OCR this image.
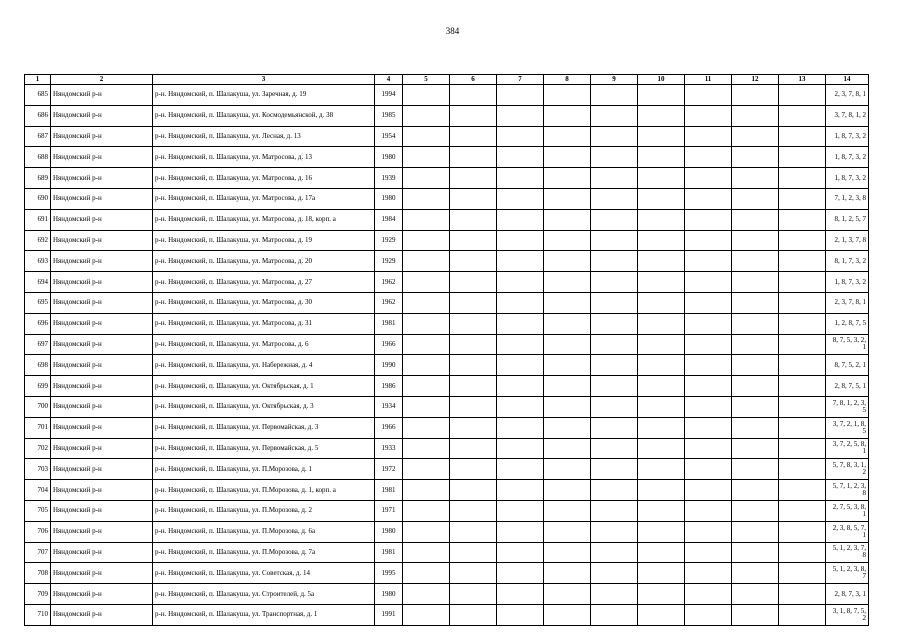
384
1	2	3	4	5	6	7	8	9	10	11	12	13	14
685	Няндомский р-н	р-н. Няндомский, п. Шалакуша, ул. Заречная, д. 19	1994										2, 3, 7, 8, 1
686	Няндомский р-н	р-н. Няндомский, п. Шалакуша, ул. Космодемьянской, д. 38	1985										3, 7, 8, 1, 2
687	Няндомский р-н	р-н. Няндомский, п. Шалакуша, ул. Лесная, д. 13	1954										1, 8, 7, 3, 2
688	Няндомский р-н	р-н. Няндомский, п. Шалакуша, ул. Матросова, д. 13	1980										1, 8, 7, 3, 2
689	Няндомский р-н	р-н. Няндомский, п. Шалакуша, ул. Матросова, д. 16	1939										1, 8, 7, 3, 2
690	Няндомский р-н	р-н. Няндомский, п. Шалакуша, ул. Матросова, д. 17а	1980										7, 1, 2, 3, 8
691	Няндомский р-н	р-н. Няндомский, п. Шалакуша, ул. Матросова, д. 18, корп. а	1984										8, 1, 2, 5, 7
692	Няндомский р-н	р-н. Няндомский, п. Шалакуша, ул. Матросова, д. 19	1929										2, 1, 3, 7, 8
693	Няндомский р-н	р-н. Няндомский, п. Шалакуша, ул. Матросова, д. 20	1929										8, 1, 7, 3, 2
694	Няндомский р-н	р-н. Няндомский, п. Шалакуша, ул. Матросова, д. 27	1962										1, 8, 7, 3, 2
695	Няндомский р-н	р-н. Няндомский, п. Шалакуша, ул. Матросова, д. 30	1962										2, 3, 7, 8, 1
696	Няндомский р-н	р-н. Няндомский, п. Шалакуша, ул. Матросова, д. 31	1981										1, 2, 8, 7, 5
697	Няндомский р-н	р-н. Няндомский, п. Шалакуша, ул. Матросова, д. 6	1966										8, 7, 5, 3, 2, 1
698	Няндомский р-н	р-н. Няндомский, п. Шалакуша, ул. Набережная, д. 4	1990										8, 7, 5, 2, 1
699	Няндомский р-н	р-н. Няндомский, п. Шалакуша, ул. Октябрьская, д. 1	1986										2, 8, 7, 5, 1
700	Няндомский р-н	р-н. Няндомский, п. Шалакуша, ул. Октябрьская, д. 3	1934										7, 8, 1, 2, 3, 5
701	Няндомский р-н	р-н. Няндомский, п. Шалакуша, ул. Первомайская, д. 3	1966										3, 7, 2, 1, 8, 5
702	Няндомский р-н	р-н. Няндомский, п. Шалакуша, ул. Первомайская, д. 5	1933										3, 7, 2, 5, 8, 1
703	Няндомский р-н	р-н. Няндомский, п. Шалакуша, ул. П.Морозова, д. 1	1972										5, 7, 8, 3, 1, 2
704	Няндомский р-н	р-н. Няндомский, п. Шалакуша, ул. П.Морозова, д. 1, корп. а	1981										5, 7, 1, 2, 3, 8
705	Няндомский р-н	р-н. Няндомский, п. Шалакуша, ул. П.Морозова, д. 2	1971										2, 7, 5, 3, 8, 1
706	Няндомский р-н	р-н. Няндомский, п. Шалакуша, ул. П.Морозова, д. 6а	1980										2, 3, 8, 5, 7, 1
707	Няндомский р-н	р-н. Няндомский, п. Шалакуша, ул. П.Морозова, д. 7а	1981										5, 1, 2, 3, 7, 8
708	Няндомский р-н	р-н. Няндомский, п. Шалакуша, ул. Советская, д. 14	1995										5, 1, 2, 3, 8, 7
709	Няндомский р-н	р-н. Няндомский, п. Шалакуша, ул. Строителей, д. 5а	1980										2, 8, 7, 3, 1
710	Няндомский р-н	р-н. Няндомский, п. Шалакуша, ул. Транспортная, д. 1	1991										3, 1, 8, 7, 5, 2
